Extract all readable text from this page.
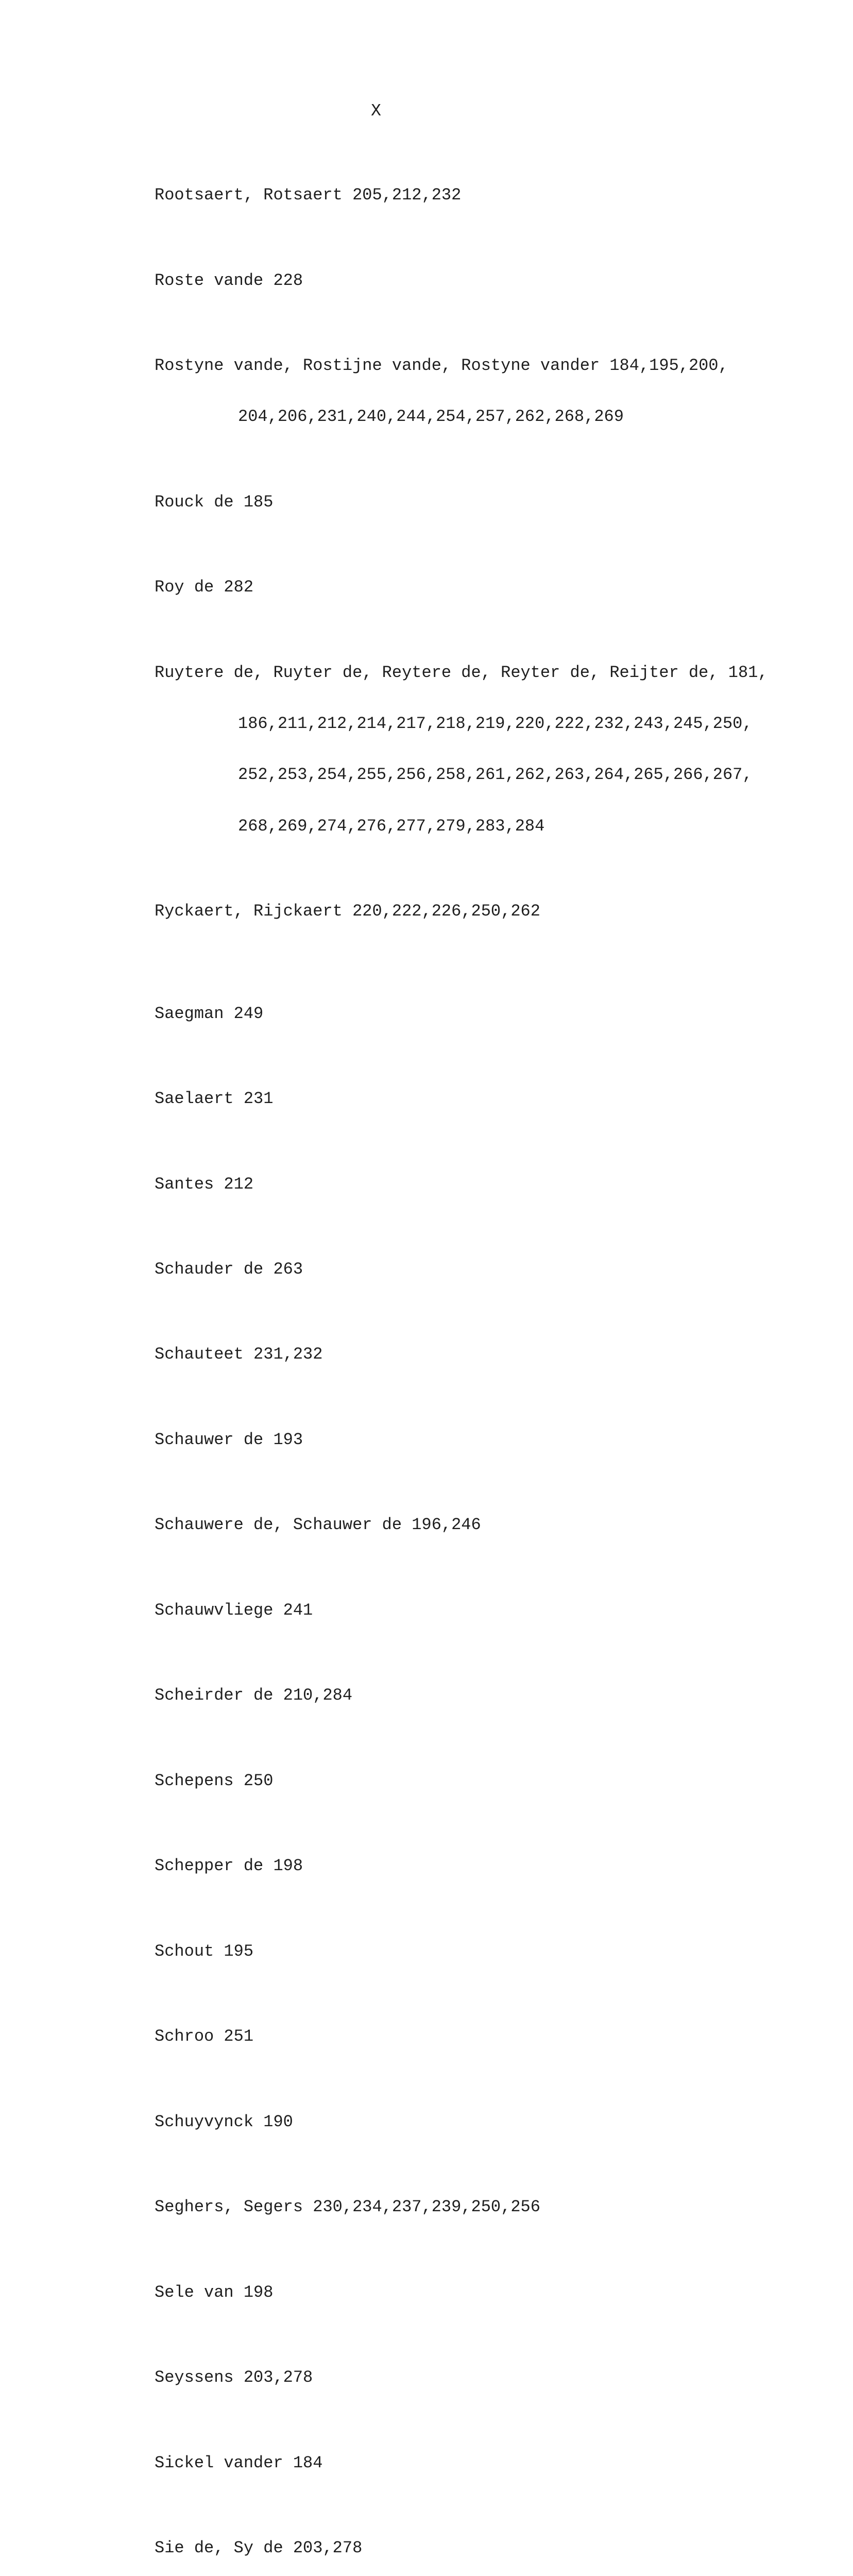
X

Rootsaert, Rotsaert 205,212,232

Roste vande 228

Rostyne vande, Rostijne vande, Rostyne vander 184,195,200,

204,206,231,240,244,254,257,262,268,269

Rouck de 185

Roy de 282

Ruytere de, Ruyter de, Reytere de, Reyter de, Reijter de, 181,

186,211,212,214,217,218,219,220,222,232,243,245,250,

252,253,254,255,256,258,261,262,263,264,265,266,267,

268,269,274,276,277,279,283,284

Ryckaert, Rijckaert 220,222,226,250,262

Saegman 249

Saelaert 231

Santes 212

Schauder de 263

Schauteet 231,232

Schauwer de 193

Schauwere de, Schauwer de 196,246

Schauwvliege 241

Scheirder de 210,284

Schepens 250

Schepper de 198

Schout 195

Schroo 251

Schuyvynck 190

Seghers, Segers 230,234,237,239,250,256

Sele van 198

Seyssens 203,278

Sickel vander 184

Sie de, Sy de 203,278
